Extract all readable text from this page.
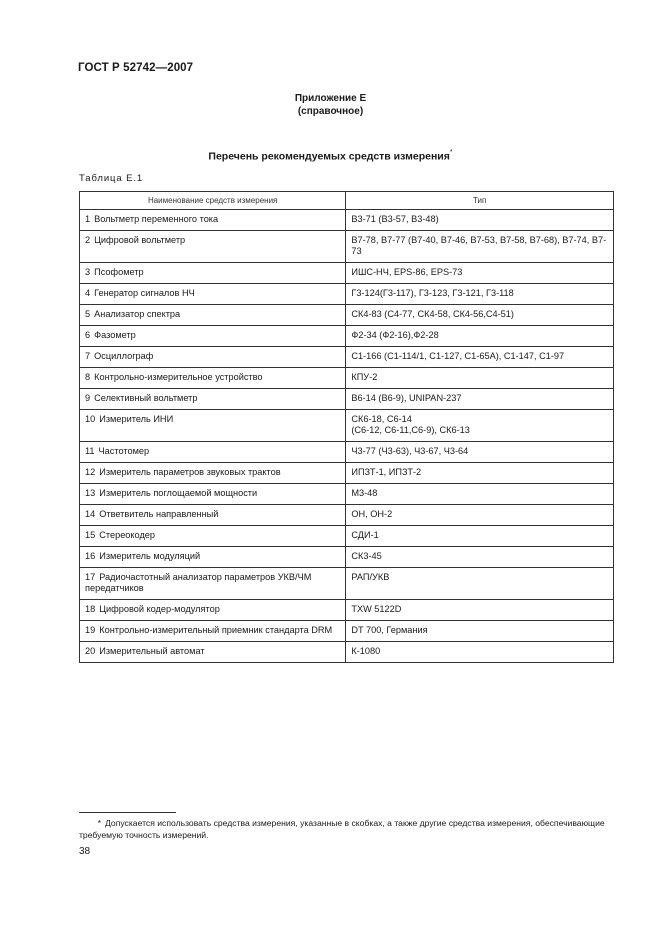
ГОСТ Р 52742—2007
Приложение Е
(справочное)
Перечень рекомендуемых средств измерения*
Таблица Е.1
Наименование средств измерения	Тип
1 Вольтметр переменного тока	В3-71 (В3-57, В3-48)
2 Цифровой вольтметр	В7-78, В7-77 (В7-40, В7-46, В7-53, В7-58, В7-68), В7-74, В7-73
3 Псофометр	ИШС-НЧ, EPS-86, EPS-73
4 Генератор сигналов НЧ	Г3-124(Г3-117), Г3-123, Г3-121, Г3-118
5 Анализатор спектра	СК4-83 (С4-77, СК4-58, СК4-56,С4-51)
6 Фазометр	Ф2-34 (Ф2-16),Ф2-28
7 Осциллограф	С1-166 (С1-114/1, С1-127, С1-65А), С1-147, С1-97
8 Контрольно-измерительное устройство	КПУ-2
9 Селективный вольтметр	В6-14 (В6-9), UNIPAN-237
10 Измеритель ИНИ	СК6-18, С6-14
(С6-12, С6-11,С6-9), СК6-13
11 Частотомер	Ч3-77 (Ч3-63), Ч3-67, Ч3-64
12 Измеритель параметров звуковых трактов	ИПЗТ-1, ИПЗТ-2
13 Измеритель поглощаемой мощности	М3-48
14 Ответвитель направленный	ОН, ОН-2
15 Стереокодер	СДИ-1
16 Измеритель модуляций	СК3-45
17 Радиочастотный анализатор параметров УКВ/ЧМ передатчиков	РАП/УКВ
18 Цифровой кодер-модулятор	TXW 5122D
19 Контрольно-измерительный приемник стандарта DRM	DT 700, Германия
20 Измерительный автомат	К-1080
* Допускается использовать средства измерения, указанные в скобках, а также другие средства измерения, обеспечивающие требуемую точность измерений.
38
